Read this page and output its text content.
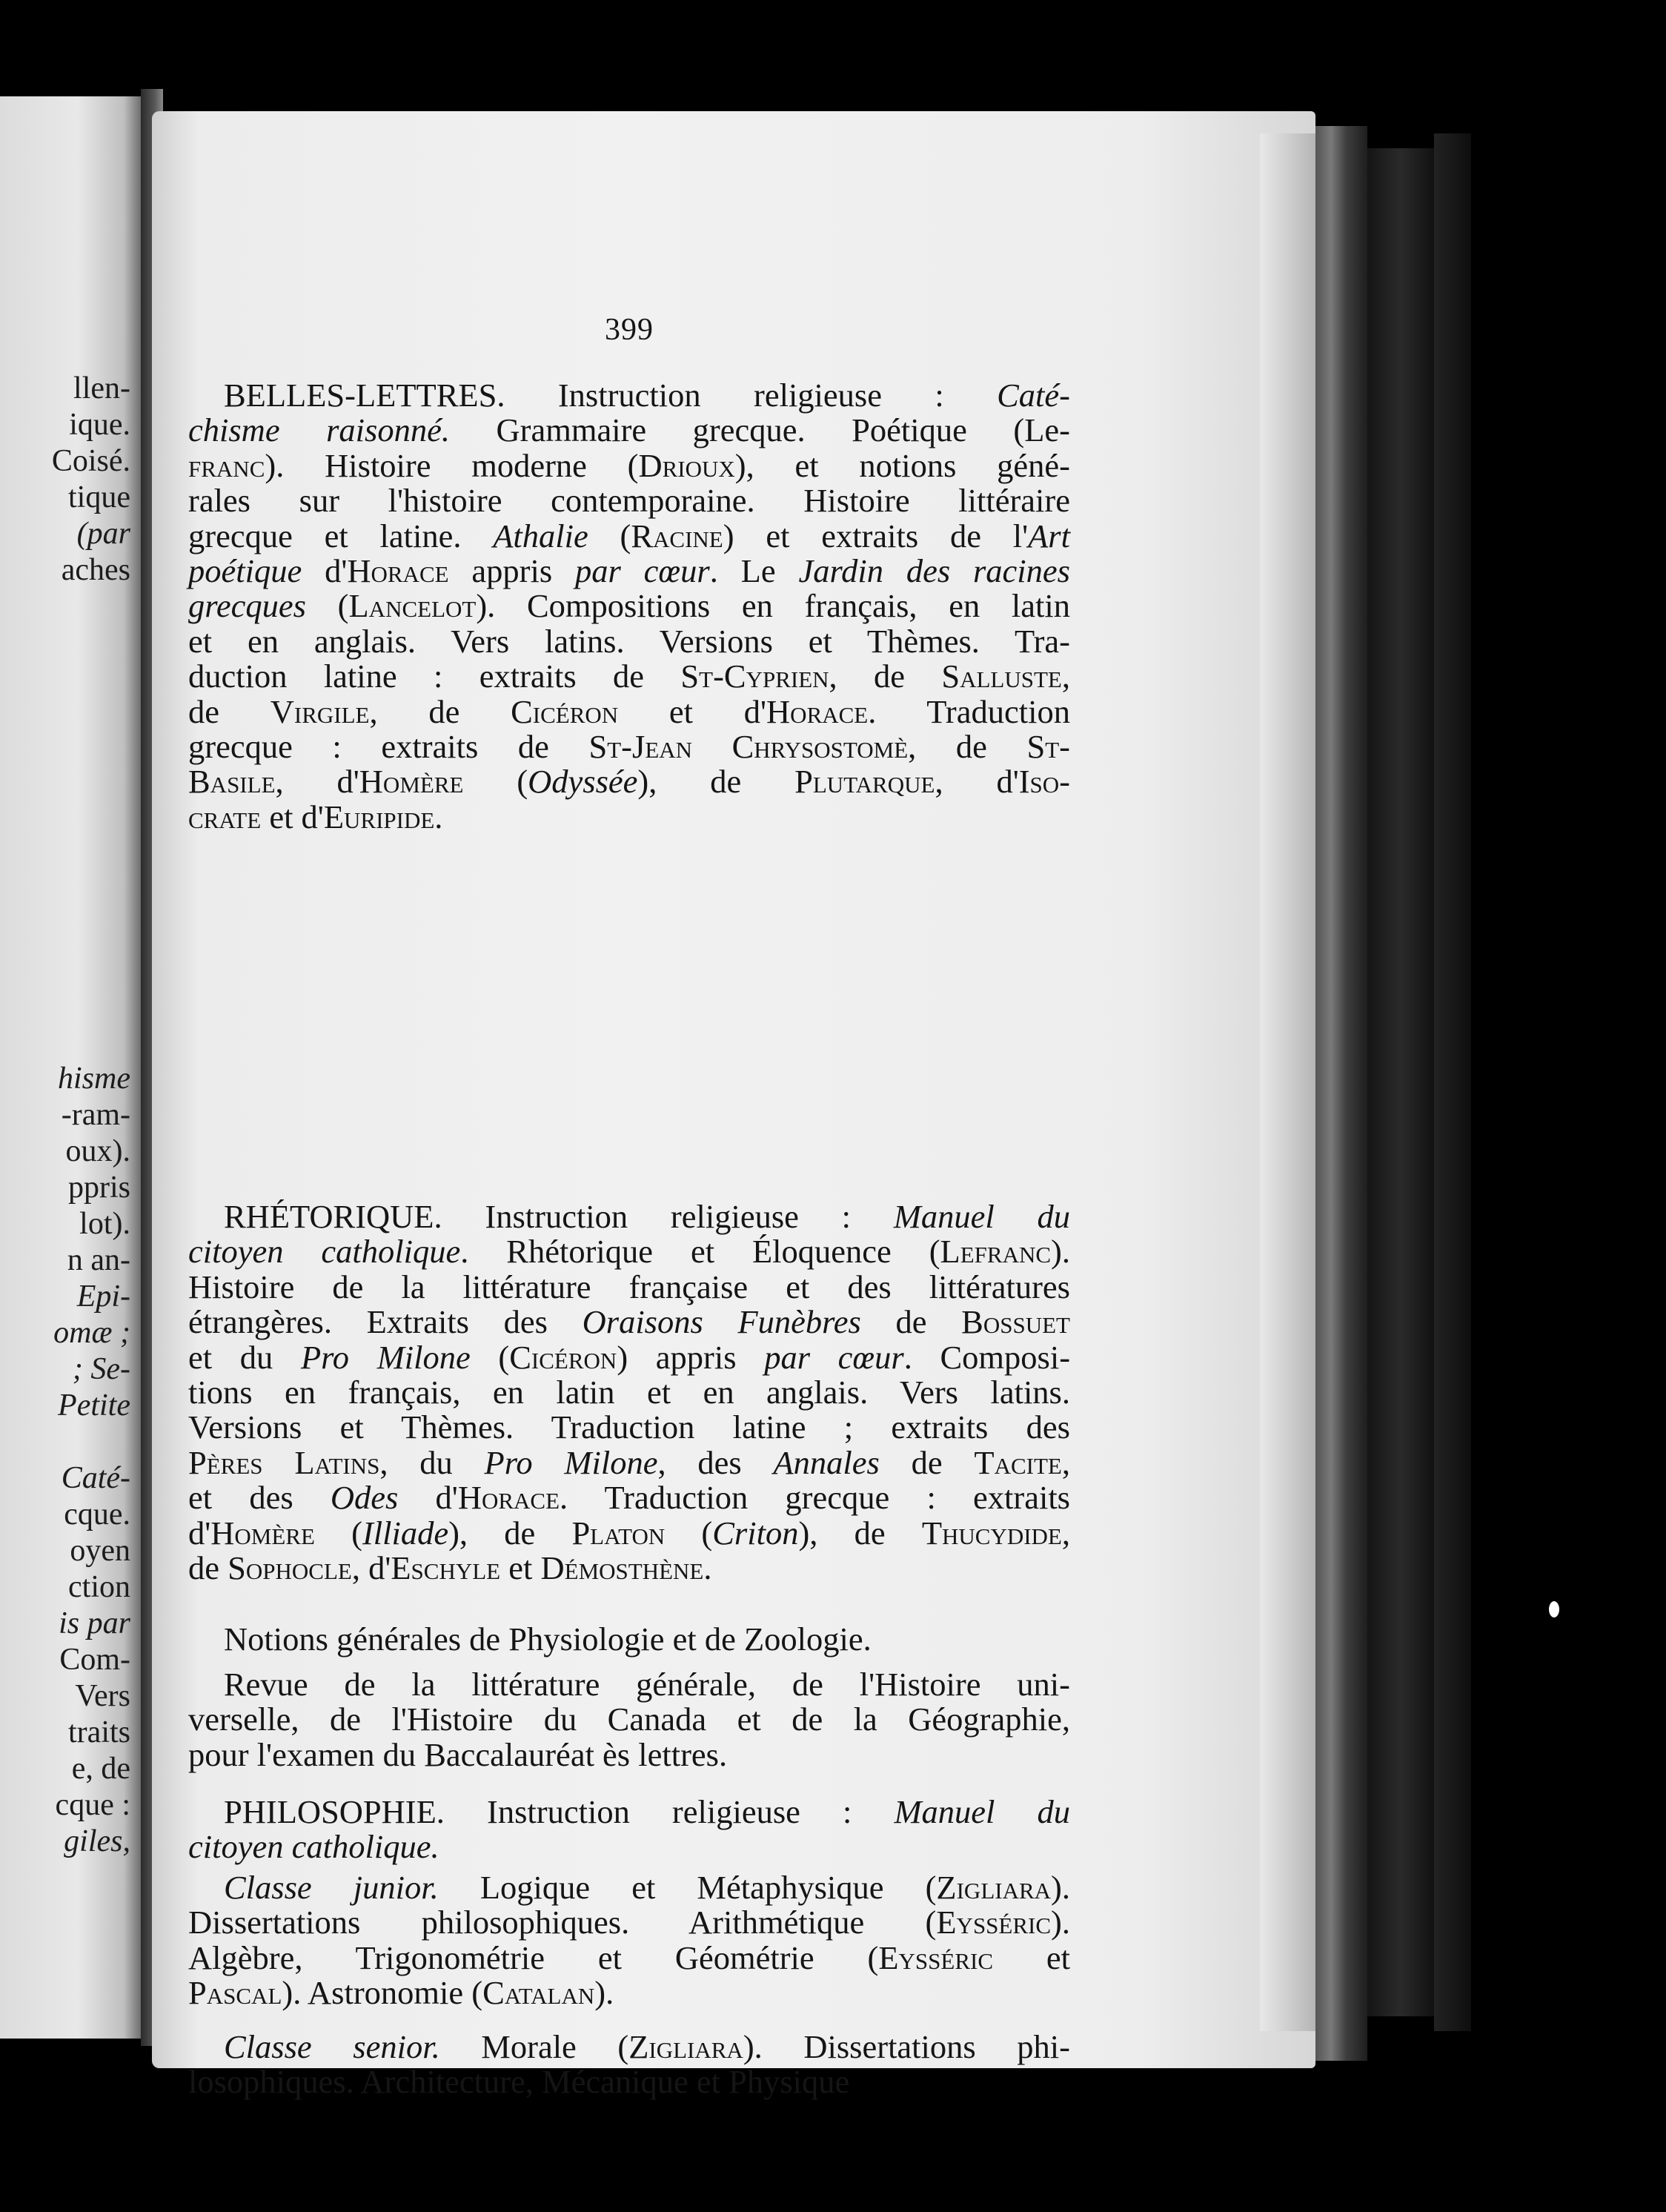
llen-
ique.
Coisé.
tique
(par
aches

hisme
-ram-
oux).
ppris
lot).
n an-
Epi-
omæ ;
; Se-
Petite

Caté-
cque.
oyen
ction
is par
Com-
Vers
traits
e, de
cque :
giles,
399
BELLES-LETTRES. Instruction religieuse : Caté-
chisme raisonné. Grammaire grecque. Poétique (Le-
franc). Histoire moderne (Drioux), et notions géné-
rales sur l'histoire contemporaine. Histoire littéraire
grecque et latine. Athalie (Racine) et extraits de l'Art
poétique d'Horace appris par cœur. Le Jardin des racines
grecques (Lancelot). Compositions en français, en latin
et en anglais. Vers latins. Versions et Thèmes. Tra-
duction latine : extraits de St-Cyprien, de Salluste,
de Virgile, de Cicéron et d'Horace. Traduction
grecque : extraits de St-Jean Chrysostomè, de St-
Basile, d'Homère (Odyssée), de Plutarque, d'Iso-
crate et d'Euripide.
RHÉTORIQUE. Instruction religieuse : Manuel du
citoyen catholique. Rhétorique et Éloquence (Lefranc).
Histoire de la littérature française et des littératures
étrangères. Extraits des Oraisons Funèbres de Bossuet
et du Pro Milone (Cicéron) appris par cœur. Composi-
tions en français, en latin et en anglais. Vers latins.
Versions et Thèmes. Traduction latine ; extraits des
Pères Latins, du Pro Milone, des Annales de Tacite,
et des Odes d'Horace. Traduction grecque : extraits
d'Homère (Illiade), de Platon (Criton), de Thucydide,
de Sophocle, d'Eschyle et Démosthène.
Notions générales de Physiologie et de Zoologie.
Revue de la littérature générale, de l'Histoire uni-
verselle, de l'Histoire du Canada et de la Géographie,
pour l'examen du Baccalauréat ès lettres.
PHILOSOPHIE. Instruction religieuse : Manuel du
citoyen catholique.
Classe junior. Logique et Métaphysique (Zigliara).
Dissertations philosophiques. Arithmétique (Eysséric).
Algèbre, Trigonométrie et Géométrie (Eysséric et
Pascal). Astronomie (Catalan).
Classe senior. Morale (Zigliara). Dissertations phi-
losophiques. Architecture, Mécanique et Physique
